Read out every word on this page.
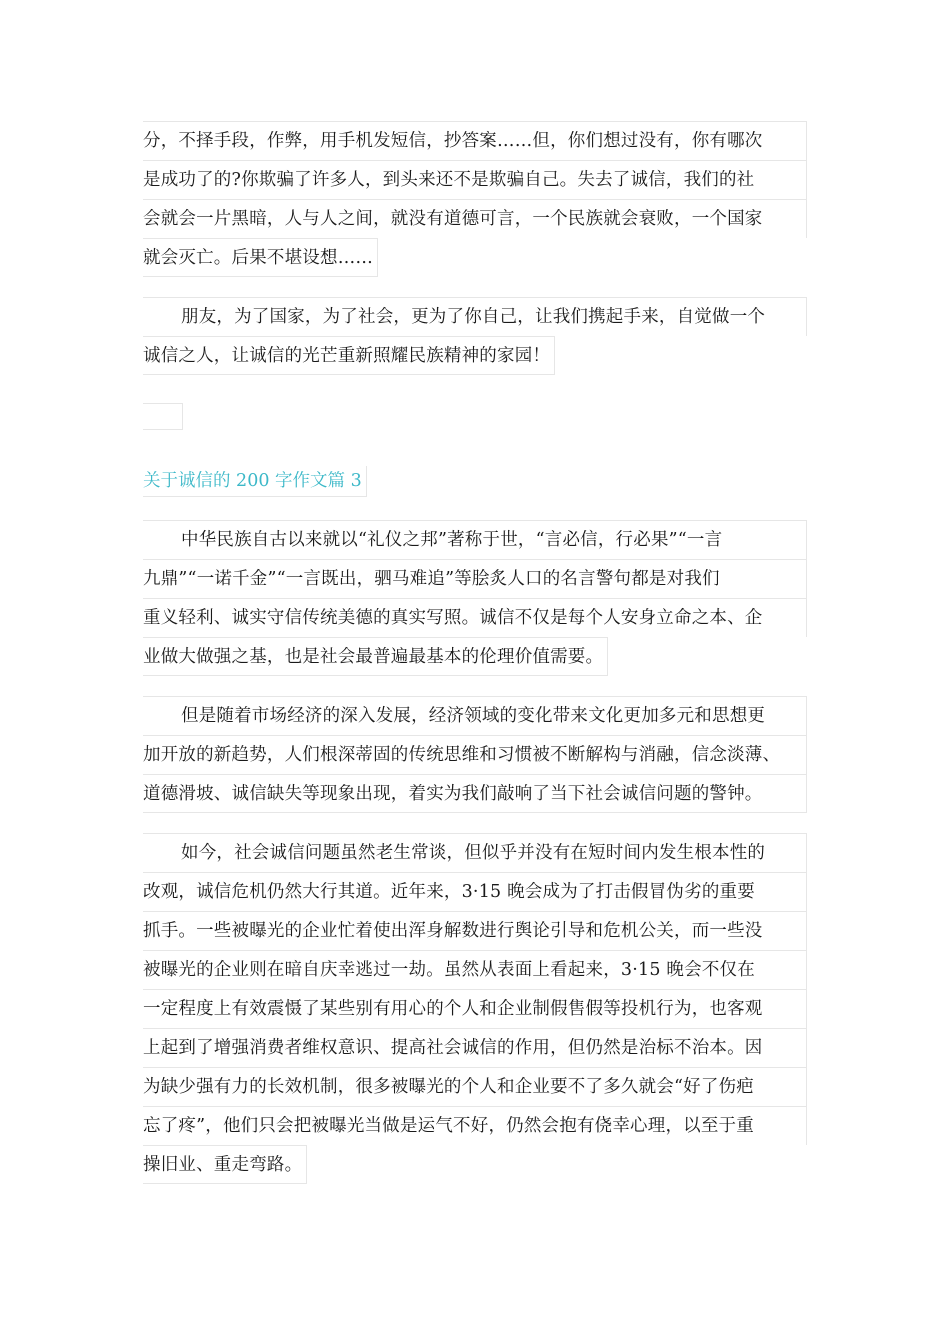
分，不择手段，作弊，用手机发短信，抄答案……但，你们想过没有，你有哪次
是成功了的?你欺骗了许多人，到头来还不是欺骗自己。失去了诚信，我们的社
会就会一片黑暗，人与人之间，就没有道德可言，一个民族就会衰败，一个国家
就会灭亡。后果不堪设想……
朋友，为了国家，为了社会，更为了你自己，让我们携起手来，自觉做一个
诚信之人，让诚信的光芒重新照耀民族精神的家园！
关于诚信的 200 字作文篇 3
中华民族自古以来就以“礼仪之邦”著称于世，“言必信，行必果”“一言
九鼎”“一诺千金”“一言既出，驷马难追”等脍炙人口的名言警句都是对我们
重义轻利、诚实守信传统美德的真实写照。诚信不仅是每个人安身立命之本、企
业做大做强之基，也是社会最普遍最基本的伦理价值需要。
但是随着市场经济的深入发展，经济领域的变化带来文化更加多元和思想更
加开放的新趋势，人们根深蒂固的传统思维和习惯被不断解构与消融，信念淡薄、
道德滑坡、诚信缺失等现象出现，着实为我们敲响了当下社会诚信问题的警钟。
如今，社会诚信问题虽然老生常谈，但似乎并没有在短时间内发生根本性的
改观，诚信危机仍然大行其道。近年来，3·15 晚会成为了打击假冒伪劣的重要
抓手。一些被曝光的企业忙着使出浑身解数进行舆论引导和危机公关，而一些没
被曝光的企业则在暗自庆幸逃过一劫。虽然从表面上看起来，3·15 晚会不仅在
一定程度上有效震慑了某些别有用心的个人和企业制假售假等投机行为，也客观
上起到了增强消费者维权意识、提高社会诚信的作用，但仍然是治标不治本。因
为缺少强有力的长效机制，很多被曝光的个人和企业要不了多久就会“好了伤疤
忘了疼”，他们只会把被曝光当做是运气不好，仍然会抱有侥幸心理，以至于重
操旧业、重走弯路。
